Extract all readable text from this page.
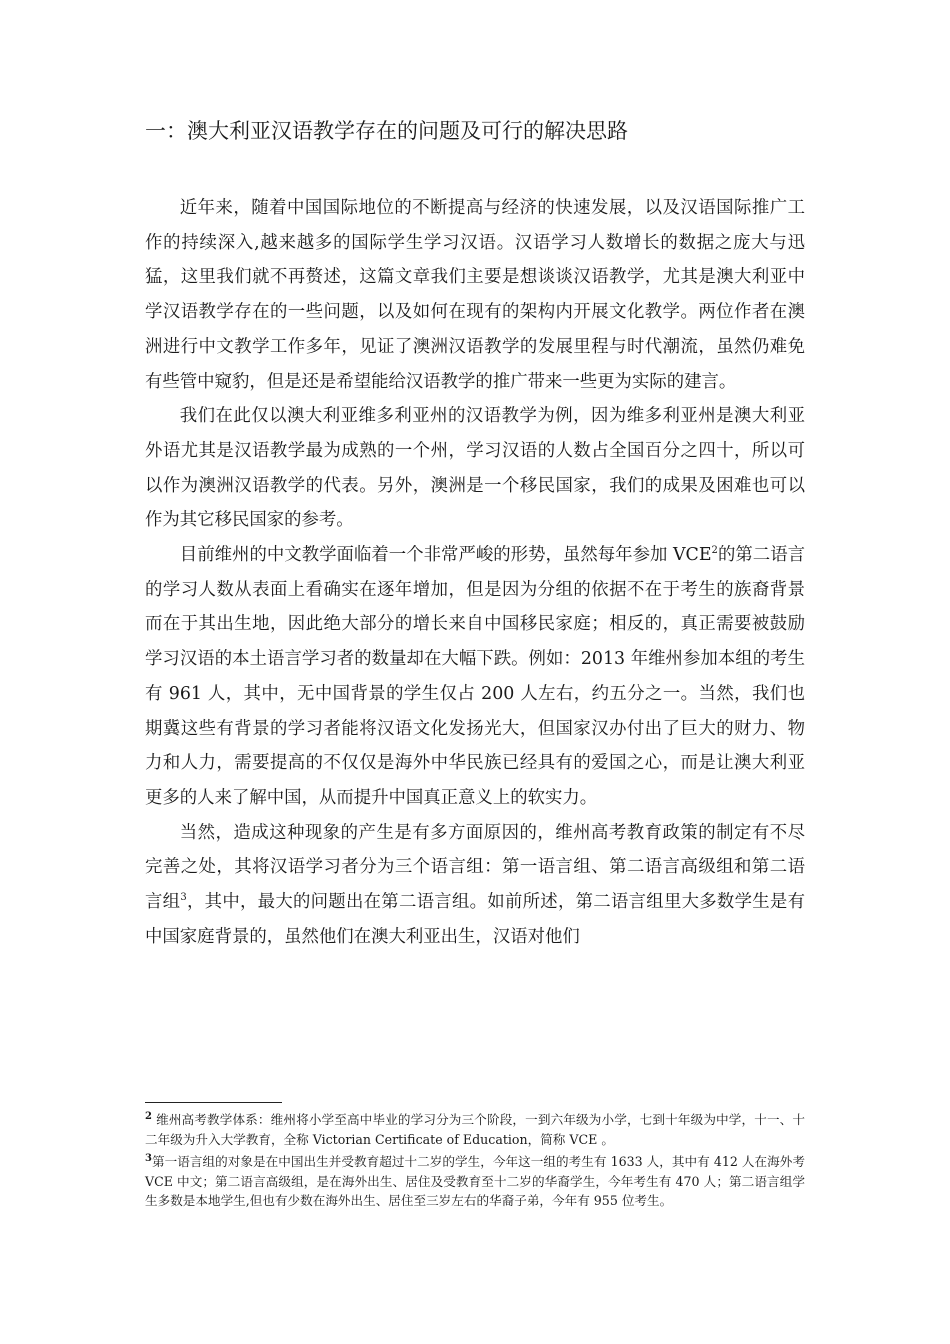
一：澳大利亚汉语教学存在的问题及可行的解决思路

近年来，随着中国国际地位的不断提高与经济的快速发展，以及汉语国际推广工作的持续深入,越来越多的国际学生学习汉语。汉语学习人数增长的数据之庞大与迅猛，这里我们就不再赘述，这篇文章我们主要是想谈谈汉语教学，尤其是澳大利亚中学汉语教学存在的一些问题，以及如何在现有的架构内开展文化教学。两位作者在澳洲进行中文教学工作多年，见证了澳洲汉语教学的发展里程与时代潮流，虽然仍难免有些管中窥豹，但是还是希望能给汉语教学的推广带来一些更为实际的建言。

我们在此仅以澳大利亚维多利亚州的汉语教学为例，因为维多利亚州是澳大利亚外语尤其是汉语教学最为成熟的一个州，学习汉语的人数占全国百分之四十，所以可以作为澳洲汉语教学的代表。另外，澳洲是一个移民国家，我们的成果及困难也可以作为其它移民国家的参考。

目前维州的中文教学面临着一个非常严峻的形势，虽然每年参加 VCE$^2$的第二语言的学习人数从表面上看确实在逐年增加，但是因为分组的依据不在于考生的族裔背景而在于其出生地，因此绝大部分的增长来自中国移民家庭；相反的，真正需要被鼓励学习汉语的本土语言学习者的数量却在大幅下跌。例如：2013 年维州参加本组的考生有 961 人，其中，无中国背景的学生仅占 200 人左右，约五分之一。当然，我们也期冀这些有背景的学习者能将汉语文化发扬光大，但国家汉办付出了巨大的财力、物力和人力，需要提高的不仅仅是海外中华民族已经具有的爱国之心，而是让澳大利亚更多的人来了解中国，从而提升中国真正意义上的软实力。

当然，造成这种现象的产生是有多方面原因的，维州高考教育政策的制定有不尽完善之处，其将汉语学习者分为三个语言组：第一语言组、第二语言高级组和第二语言组$^3$，其中，最大的问题出在第二语言组。如前所述，第二语言组里大多数学生是有中国家庭背景的，虽然他们在澳大利亚出生，汉语对他们

$^2$ 维州高考教学体系：维州将小学至高中毕业的学习分为三个阶段，一到六年级为小学，七到十年级为中学，十一、十二年级为升入大学教育，全称 Victorian Certificate of Education，简称 VCE 。

$^3$第一语言组的对象是在中国出生并受教育超过十二岁的学生，今年这一组的考生有 1633 人，其中有 412 人在海外考 VCE 中文；第二语言高级组，是在海外出生、居住及受教育至十二岁的华裔学生，今年考生有 470 人；第二语言组学生多数是本地学生,但也有少数在海外出生、居住至三岁左右的华裔子弟，今年有 955 位考生。
